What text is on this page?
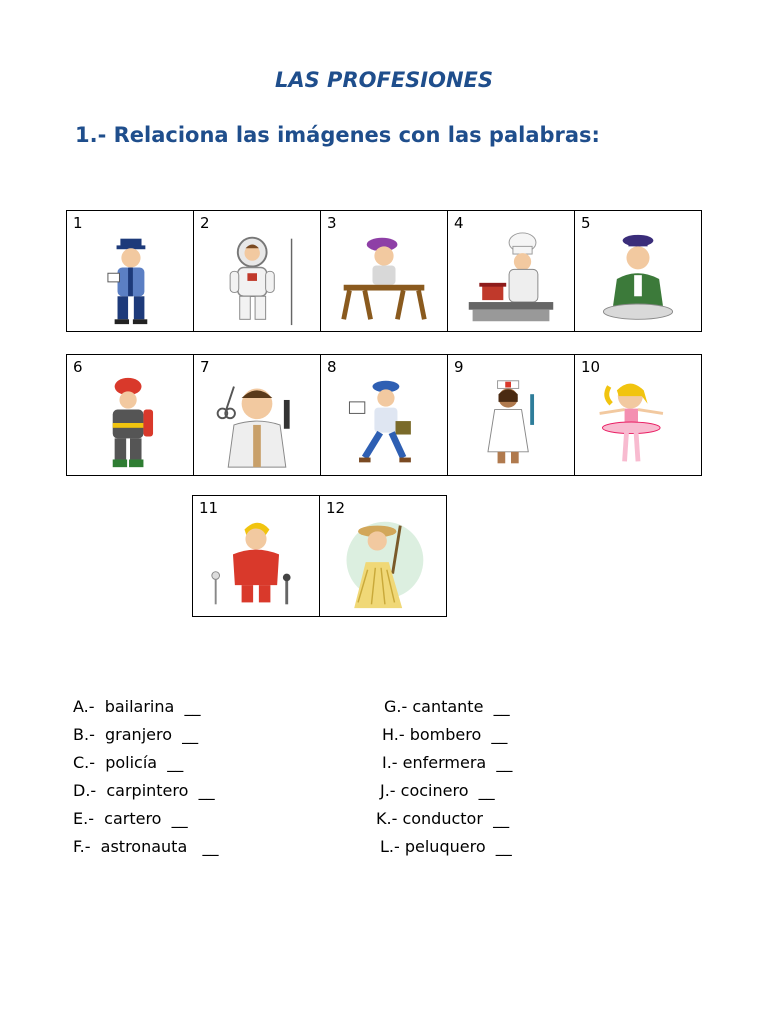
LAS PROFESIONES
1.- Relaciona las imágenes con las palabras:
1	2	3	4	5
6	7	8	9	10
11	12
A.-  bailarina  __
B.-  granjero  __
C.-  policía  __
D.-  carpintero  __
E.-  cartero  __
F.-  astronauta   __
G.- cantante  __
H.- bombero  __
I.- enfermera  __
J.- cocinero  __
K.- conductor  __
L.- peluquero  __
